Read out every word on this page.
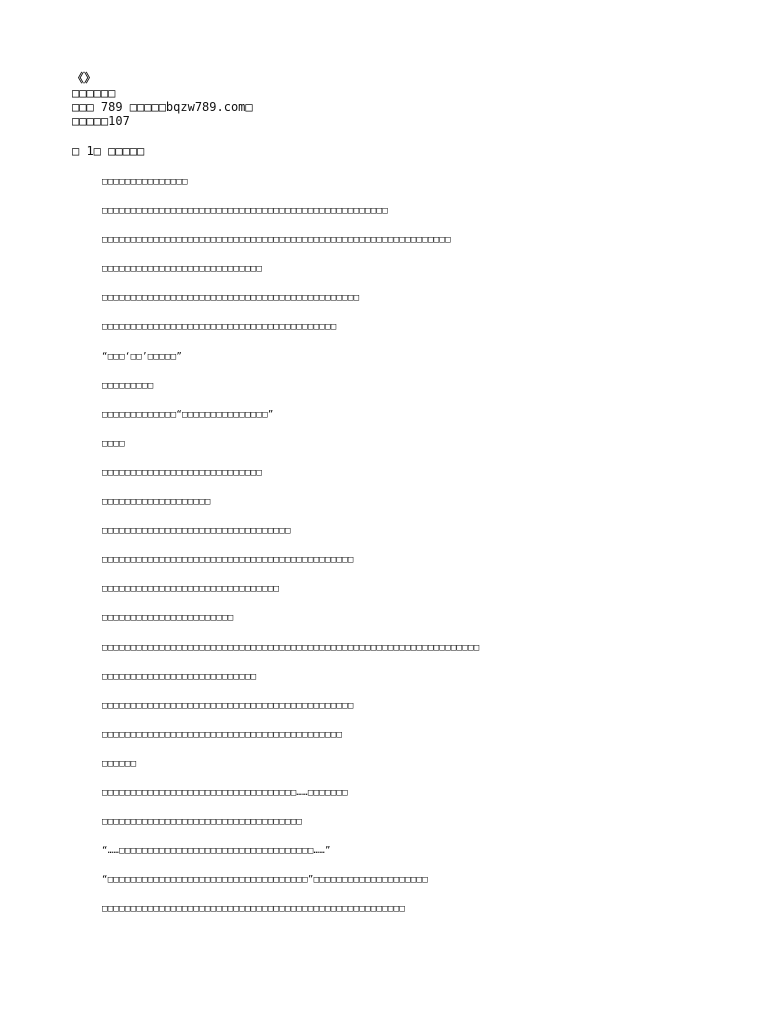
《》
□□□□□□
□□□ 789 □□□□□bqzw789.com□
□□□□□107
□ 1□ □□□□□

□□□□□□□□□□□□□□□

□□□□□□□□□□□□□□□□□□□□□□□□□□□□□□□□□□□□□□□□□□□□□□□□□□

□□□□□□□□□□□□□□□□□□□□□□□□□□□□□□□□□□□□□□□□□□□□□□□□□□□□□□□□□□□□□

□□□□□□□□□□□□□□□□□□□□□□□□□□□□

□□□□□□□□□□□□□□□□□□□□□□□□□□□□□□□□□□□□□□□□□□□□□

□□□□□□□□□□□□□□□□□□□□□□□□□□□□□□□□□□□□□□□□□

“□□□‘□□’□□□□□”

□□□□□□□□□

□□□□□□□□□□□□□“□□□□□□□□□□□□□□□”

□□□□

□□□□□□□□□□□□□□□□□□□□□□□□□□□□

□□□□□□□□□□□□□□□□□□□

□□□□□□□□□□□□□□□□□□□□□□□□□□□□□□□□□

□□□□□□□□□□□□□□□□□□□□□□□□□□□□□□□□□□□□□□□□□□□□

□□□□□□□□□□□□□□□□□□□□□□□□□□□□□□□

□□□□□□□□□□□□□□□□□□□□□□□

□□□□□□□□□□□□□□□□□□□□□□□□□□□□□□□□□□□□□□□□□□□□□□□□□□□□□□□□□□□□□□□□□□

□□□□□□□□□□□□□□□□□□□□□□□□□□□

□□□□□□□□□□□□□□□□□□□□□□□□□□□□□□□□□□□□□□□□□□□□

□□□□□□□□□□□□□□□□□□□□□□□□□□□□□□□□□□□□□□□□□□

□□□□□□

□□□□□□□□□□□□□□□□□□□□□□□□□□□□□□□□□□……□□□□□□□

□□□□□□□□□□□□□□□□□□□□□□□□□□□□□□□□□□□

“……□□□□□□□□□□□□□□□□□□□□□□□□□□□□□□□□□□……”

“□□□□□□□□□□□□□□□□□□□□□□□□□□□□□□□□□□□”□□□□□□□□□□□□□□□□□□□□

□□□□□□□□□□□□□□□□□□□□□□□□□□□□□□□□□□□□□□□□□□□□□□□□□□□□□
